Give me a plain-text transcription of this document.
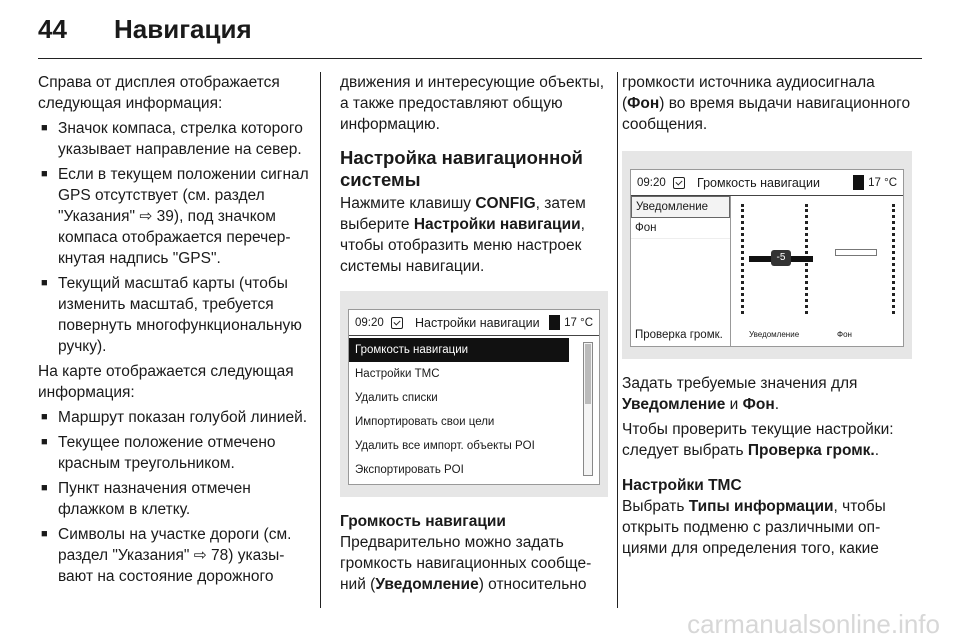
44	Навигация

Справа от дисплея отображается следующая информация:

■ Значок компаса, стрелка которого указывает направление на север.
■ Если в текущем положении сигнал GPS отсутствует (см. раздел "Указания" ⇨ 39), под значком компаса отображается перечеркнутая надпись "GPS".
■ Текущий масштаб карты (чтобы изменить масштаб, требуется повернуть многофункциональную ручку).

На карте отображается следующая информация:

■ Маршрут показан голубой линией.
■ Текущее положение отмечено красным треугольником.
■ Пункт назначения отмечен флажком в клетку.
■ Символы на участке дороги (см. раздел "Указания" ⇨ 78) указывают на состояние дорожного

движения и интересующие объекты, а также предоставляют общую информацию.

Настройка навигационной системы

Нажмите клавишу CONFIG, затем выберите Настройки навигации, чтобы отобразить меню настроек системы навигации.

09:20	Настройки навигации	17 °C
Громкость навигации
Настройки ТМС
Удалить списки
Импортировать свои цели
Удалить все импорт. объекты POI
Экспортировать POI
Громкость навигации

Предварительно можно задать громкость навигационных сообщений (Уведомление) относительно

громкости источника аудиосигнала (Фон) во время выдачи навигационного сообщения.

09:20	Громкость навигации	17 °C
Уведомление
Фон
Проверка громк.
-5
Уведомление	Фон

Задать требуемые значения для Уведомление и Фон.

Чтобы проверить текущие настройки: следует выбрать Проверка громк..

Настройки ТМС

Выбрать Типы информации, чтобы открыть подменю с различными опциями для определения того, какие

carmanualsonline.info
